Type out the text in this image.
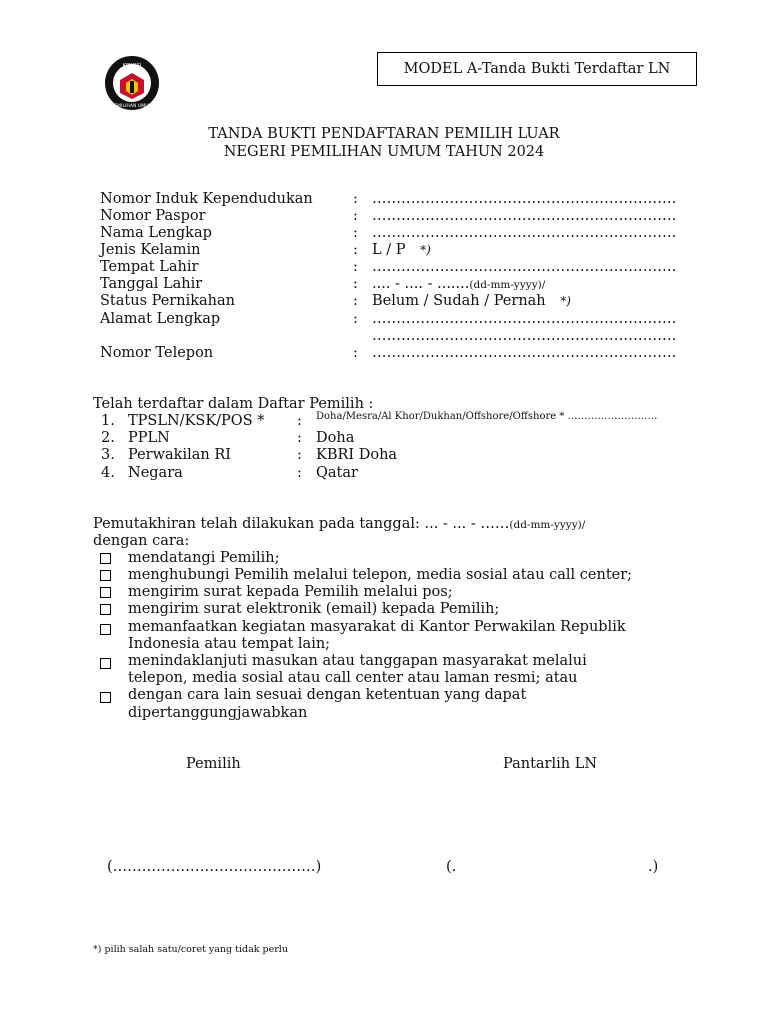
KOMISI
PEMILIHAN UMUM
MODEL A-Tanda Bukti Terdaftar LN
TANDA BUKTI PENDAFTARAN PEMILIH LUAR
NEGERI PEMILIHAN UMUM TAHUN 2024
Nomor Induk Kependudukan	: ………………………………………………………
Nomor Paspor	: ………………………………………………………
Nama Lengkap	: ………………………………………………………
Jenis Kelamin	: L / P *)
Tempat Lahir	: ………………………………………………………
Tanggal Lahir	: .... - .... - .......(dd-mm-yyyy)/
Status Pernikahan	: Belum / Sudah / Pernah *)
Alamat Lengkap	: ………………………………………………………
………………………………………………………
Nomor Telepon	: ………………………………………………………
Telah terdaftar dalam Daftar Pemilih :
1. TPSLN/KSK/POS * : Doha/Mesra/Al Khor/Dukhan/Offshore/Offshore * ………………………
2. PPLN	: Doha
3. Perwakilan RI	: KBRI Doha
4. Negara	: Qatar
Pemutakhiran telah dilakukan pada tanggal: ... - ... - ……(dd-mm-yyyy)/
dengan cara:
mendatangi Pemilih;
menghubungi Pemilih melalui telepon, media sosial atau call center;
mengirim surat kepada Pemilih melalui pos;
mengirim surat elektronik (email) kepada Pemilih;
memanfaatkan kegiatan masyarakat di Kantor Perwakilan Republik
Indonesia atau tempat lain;
menindaklanjuti masukan atau tanggapan masyarakat melalui
telepon, media sosial atau call center atau laman resmi; atau
dengan cara lain sesuai dengan ketentuan yang dapat
dipertanggungjawabkan
Pemilih	Pantarlih LN
(……………………………………)	(.	.)
*) pilih salah satu/coret yang tidak perlu
